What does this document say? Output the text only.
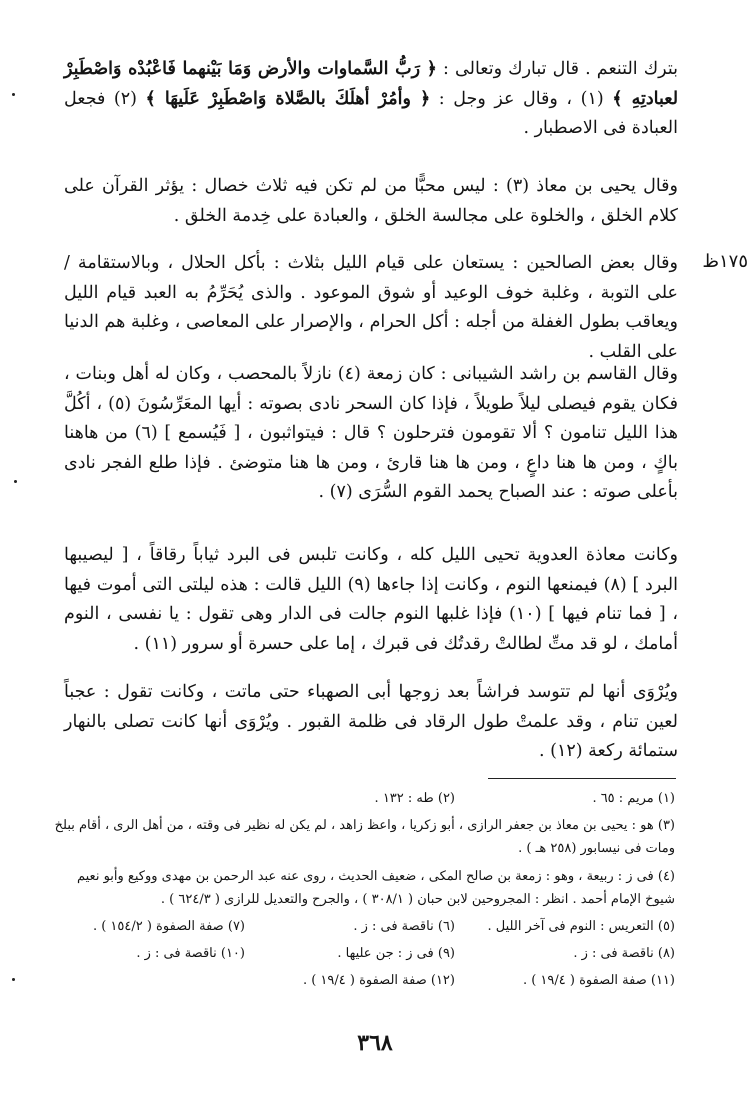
١٧٥ظ
بترك التنعم . قال تبارك وتعالى : ﴿ رَبُّ السَّماوات والأرض وَمَا بَيْنهما فَاعْبُدْه وَاصْطَبِرْ لعبادتِهِ ﴾ (١) ، وقال عز وجل : ﴿ وأمُرْ أهلَكَ بالصَّلاة وَاصْطَبِرْ عَلَيهَا ﴾ (٢) فجعل العبادة فى الاصطبار .
وقال يحيى بن معاذ (٣) : ليس محبًّا من لم تكن فيه ثلاث خصال : يؤثر القرآن على كلام الخلق ، والخلوة على مجالسة الخلق ، والعبادة على خِدمة الخلق .
وقال بعض الصالحين : يستعان على قيام الليل بثلاث : بأكل الحلال ، وبالاستقامة / على التوبة ، وغلبة خوف الوعيد أو شوق الموعود . والذى يُحَرِّمُ به العبد قيام الليل ويعاقب بطول الغفلة من أجله : أكل الحرام ، والإصرار على المعاصى ، وغلبة هم الدنيا على القلب .
وقال القاسم بن راشد الشيبانى : كان زمعة (٤) نازلاً بالمحصب ، وكان له أهل وبنات ، فكان يقوم فيصلى ليلاً طويلاً ، فإذا كان السحر نادى بصوته : أيها المعَرِّسُونَ (٥) ، أكُلَّ هذا الليل تنامون ؟ ألا تقومون فترحلون ؟ قال : فيتواثبون ، [ فَيُسمع ] (٦) من هاهنا باكٍ ، ومن ها هنا داعٍ ، ومن ها هنا قارئ ، ومن ها هنا متوضئ . فإذا طلع الفجر نادى بأعلى صوته : عند الصباح يحمد القوم السُّرَى (٧) .
وكانت معاذة العدوية تحيى الليل كله ، وكانت تلبس فى البرد ثياباً رقاقاً ، [ ليصيبها البرد ] (٨) فيمنعها النوم ، وكانت إذا جاءها (٩) الليل قالت : هذه ليلتى التى أموت فيها ، [ فما تنام فيها ] (١٠) فإذا غلبها النوم جالت فى الدار وهى تقول : يا نفسى ، النوم أمامك ، لو قد متِّ لطالتْ رقدتُك فى قبرك ، إما على حسرة أو سرور (١١) .
ويُرْوَى أنها لم تتوسد فراشاً بعد زوجها أبى الصهباء حتى ماتت ، وكانت تقول : عجباً لعين تنام ، وقد علمتْ طول الرقاد فى ظلمة القبور . ويُرْوَى أنها كانت تصلى بالنهار ستمائة ركعة (١٢) .
(١) مريم : ٦٥ .
(٢) طه : ١٣٢ .
(٣) هو : يحيى بن معاذ بن جعفر الرازى ، أبو زكريا ، واعظ زاهد ، لم يكن له نظير فى وقته ، من أهل الرى ، أقام ببلخ
ومات فى نيسابور (٢٥٨ هـ ) .
(٤) فى ز : ربيعة ، وهو : زمعة بن صالح المكى ، ضعيف الحديث ، روى عنه عبد الرحمن بن مهدى ووكيع وأبو نعيم
شيوخ الإمام أحمد . انظر : المجروحين لابن حبان ( ٣٠٨/١ ) ، والجرح والتعديل للرازى ( ٦٢٤/٣ ) .
(٥) التعريس : النوم فى آخر الليل .
(٦) ناقصة فى : ز .
(٧) صفة الصفوة ( ١٥٤/٢ ) .
(٨) ناقصة فى : ز .
(٩) فى ز : جن عليها .
(١٠) ناقصة فى : ز .
(١١) صفة الصفوة ( ١٩/٤ ) .
(١٢) صفة الصفوة ( ١٩/٤ ) .
٣٦٨
